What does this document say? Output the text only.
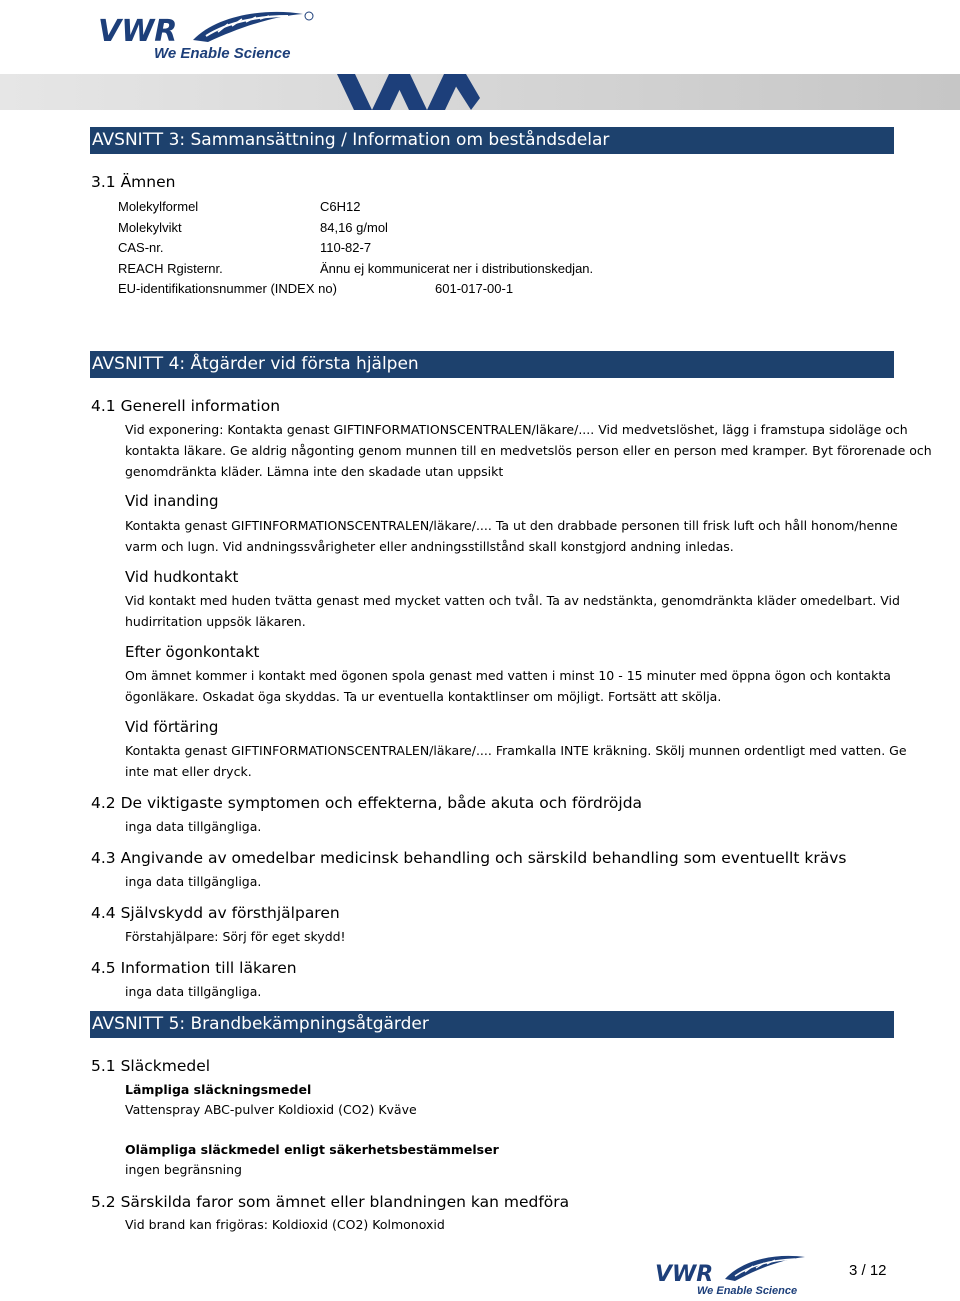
VWR
We Enable Science
AVSNITT 3: Sammansättning / Information om beståndsdelar
3.1 Ämnen
Molekylformel	C6H12
Molekylvikt	84,16 g/mol
CAS-nr.	110-82-7
REACH Rgisternr.	Ännu ej kommunicerat ner i distributionskedjan.
EU-identifikationsnummer (INDEX no)	601-017-00-1
AVSNITT 4: Åtgärder vid första hjälpen
4.1 Generell information
Vid exponering: Kontakta genast GIFTINFORMATIONSCENTRALEN/läkare/.... Vid medvetslöshet, lägg i framstupa sidoläge och
kontakta läkare. Ge aldrig någonting genom munnen till en medvetslös person eller en person med kramper. Byt förorenade och
genomdränkta kläder. Lämna inte den skadade utan uppsikt
Vid inanding
Kontakta genast GIFTINFORMATIONSCENTRALEN/läkare/.... Ta ut den drabbade personen till frisk luft och håll honom/henne
varm och lugn. Vid andningssvårigheter eller andningsstillstånd skall konstgjord andning inledas.
Vid hudkontakt
Vid kontakt med huden tvätta genast med mycket vatten och tvål. Ta av nedstänkta, genomdränkta kläder omedelbart. Vid
hudirritation uppsök läkaren.
Efter ögonkontakt
Om ämnet kommer i kontakt med ögonen spola genast med vatten i minst 10 - 15 minuter med öppna ögon och kontakta
ögonläkare. Oskadat öga skyddas. Ta ur eventuella kontaktlinser om möjligt. Fortsätt att skölja.
Vid förtäring
Kontakta genast GIFTINFORMATIONSCENTRALEN/läkare/.... Framkalla INTE kräkning. Skölj munnen ordentligt med vatten. Ge
inte mat eller dryck.
4.2 De viktigaste symptomen och effekterna, både akuta och fördröjda
inga data tillgängliga.
4.3 Angivande av omedelbar medicinsk behandling och särskild behandling som eventuellt krävs
inga data tillgängliga.
4.4 Självskydd av försthjälparen
Förstahjälpare: Sörj för eget skydd!
4.5 Information till läkaren
inga data tillgängliga.
AVSNITT 5: Brandbekämpningsåtgärder
5.1 Släckmedel
Lämpliga släckningsmedel
Vattenspray ABC-pulver Koldioxid (CO2) Kväve
Olämpliga släckmedel enligt säkerhetsbestämmelser
ingen begränsning
5.2 Särskilda faror som ämnet eller blandningen kan medföra
Vid brand kan frigöras: Koldioxid (CO2) Kolmonoxid
VWR
We Enable Science
3 / 12
